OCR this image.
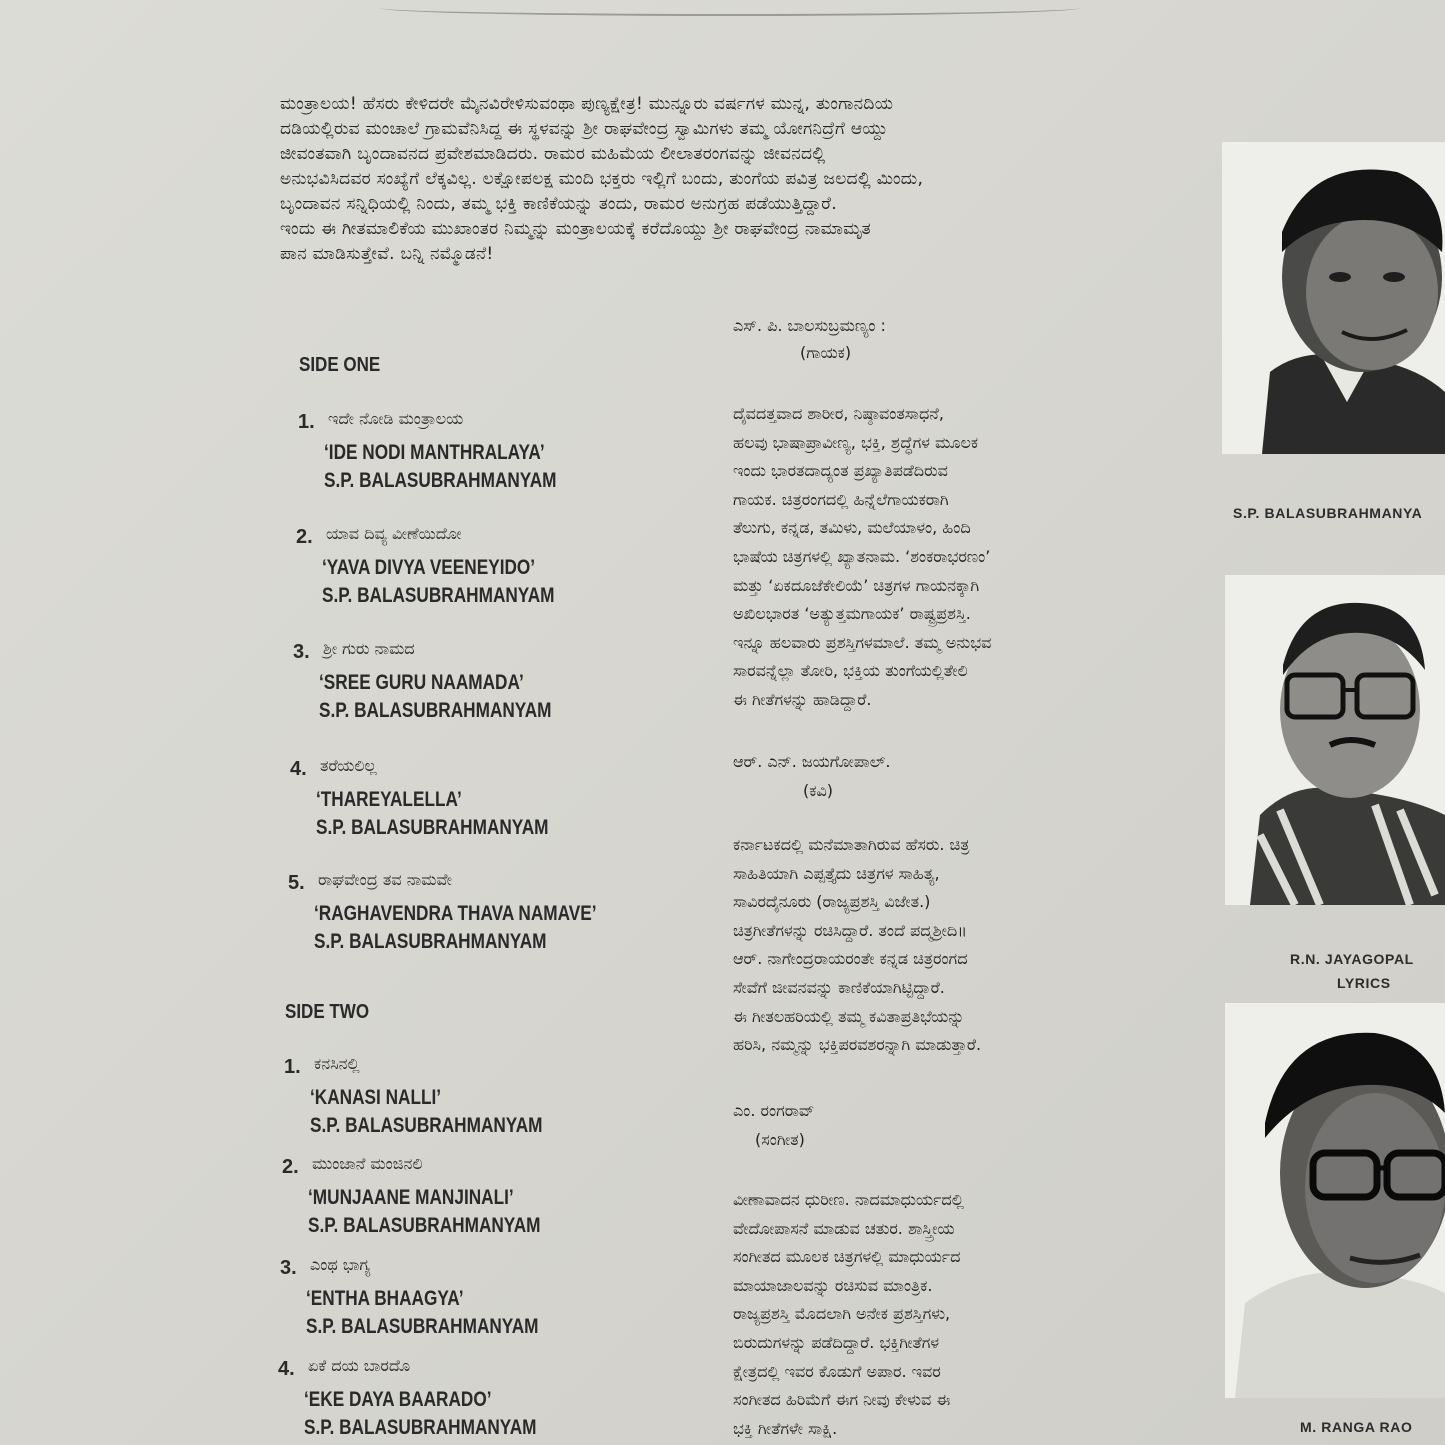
ಮಂತ್ರಾಲಯ! ಹೆಸರು ಕೇಳಿದರೇ ಮೈನವಿರೇಳಿಸುವಂಥಾ ಪುಣ್ಯಕ್ಷೇತ್ರ! ಮುನ್ನೂರು ವರ್ಷಗಳ ಮುನ್ನ, ತುಂಗಾನದಿಯ
ದಡಿಯಲ್ಲಿರುವ ಮಂಚಾಲೆ ಗ್ರಾಮವೆನಿಸಿದ್ದ ಈ ಸ್ಥಳವನ್ನು ಶ್ರೀ ರಾಘವೇಂದ್ರ ಸ್ವಾಮಿಗಳು ತಮ್ಮ ಯೋಗನಿದ್ರೆಗೆ ಆಯ್ದು
ಜೀವಂತವಾಗಿ ಬೃಂದಾವನದ ಪ್ರವೇಶಮಾಡಿದರು. ರಾಮರ ಮಹಿಮೆಯ ಲೀಲಾತರಂಗವನ್ನು ಜೀವನದಲ್ಲಿ
ಅನುಭವಿಸಿದವರ ಸಂಖ್ಯೆಗೆ ಲೆಕ್ಕವಿಲ್ಲ. ಲಕ್ಷೋಪಲಕ್ಷ ಮಂದಿ ಭಕ್ತರು ಇಲ್ಲಿಗೆ ಬಂದು, ತುಂಗೆಯ ಪವಿತ್ರ ಜಲದಲ್ಲಿ ಮಿಂದು,
ಬೃಂದಾವನ ಸನ್ನಿಧಿಯಲ್ಲಿ ನಿಂದು, ತಮ್ಮ ಭಕ್ತಿ ಕಾಣಿಕೆಯನ್ನು ತಂದು, ರಾಮರ ಅನುಗ್ರಹ ಪಡೆಯುತ್ತಿದ್ದಾರೆ.
ಇಂದು ಈ ಗೀತಮಾಲಿಕೆಯ ಮುಖಾಂತರ ನಿಮ್ಮನ್ನು ಮಂತ್ರಾಲಯಕ್ಕೆ ಕರೆದೊಯ್ದು ಶ್ರೀ ರಾಘವೇಂದ್ರ ನಾಮಾಮೃತ
ಪಾನ ಮಾಡಿಸುತ್ತೇವೆ. ಬನ್ನಿ ನಮ್ಮೊಡನೆ!
SIDE ONE
1. ಇದೇ ನೋಡಿ ಮಂತ್ರಾಲಯ
‘IDE NODI MANTHRALAYA’
S.P. BALASUBRAHMANYAM
2. ಯಾವ ದಿವ್ಯ ವೀಣೆಯಿದೋ
‘YAVA DIVYA VEENEYIDO’
S.P. BALASUBRAHMANYAM
3. ಶ್ರೀ ಗುರು ನಾಮದ
‘SREE GURU NAAMADA’
S.P. BALASUBRAHMANYAM
4. ತರೆಯಲಿಲ್ಲ
‘THAREYALELLA’
S.P. BALASUBRAHMANYAM
5. ರಾಘವೇಂದ್ರ ತವ ನಾಮವೇ
‘RAGHAVENDRA THAVA NAMAVE’
S.P. BALASUBRAHMANYAM
SIDE TWO
1. ಕನಸಿನಲ್ಲಿ
‘KANASI NALLI’
S.P. BALASUBRAHMANYAM
2. ಮುಂಜಾನೆ ಮಂಜಿನಲಿ
‘MUNJAANE MANJINALI’
S.P. BALASUBRAHMANYAM
3. ಎಂಥ ಭಾಗ್ಯ
‘ENTHA BHAAGYA’
S.P. BALASUBRAHMANYAM
4. ಏಕೆ ದಯ ಬಾರದೊ
‘EKE DAYA BAARADO’
S.P. BALASUBRAHMANYAM
ಎಸ್. ಪಿ. ಬಾಲಸುಬ್ರಮಣ್ಯಂ :
(ಗಾಯಕ)
ದೈವದತ್ತವಾದ ಶಾರೀರ, ನಿಷ್ಠಾವಂತಸಾಧನೆ,
ಹಲವು ಭಾಷಾಪ್ರಾವೀಣ್ಯ, ಭಕ್ತಿ, ಶ್ರದ್ಧೆಗಳ ಮೂಲಕ
ಇಂದು ಭಾರತದಾದ್ಯಂತ ಪ್ರಖ್ಯಾತಿಪಡೆದಿರುವ
ಗಾಯಕ. ಚಿತ್ರರಂಗದಲ್ಲಿ ಹಿನ್ನೆಲೆಗಾಯಕರಾಗಿ
ತೆಲುಗು, ಕನ್ನಡ, ತಮಿಳು, ಮಲೆಯಾಳಂ, ಹಿಂದಿ
ಭಾಷೆಯ ಚಿತ್ರಗಳಲ್ಲಿ ಖ್ಯಾತನಾಮ. ‘ಶಂಕರಾಭರಣಂ’
ಮತ್ತು ‘ಏಕದೂಜೆಕೇಲಿಯೆ’ ಚಿತ್ರಗಳ ಗಾಯನಕ್ಕಾಗಿ
ಅಖಿಲಭಾರತ ‘ಅತ್ಯುತ್ತಮಗಾಯಕ’ ರಾಷ್ಟ್ರಪ್ರಶಸ್ತಿ.
ಇನ್ನೂ ಹಲವಾರು ಪ್ರಶಸ್ತಿಗಳಮಾಲೆ. ತಮ್ಮ ಅನುಭವ
ಸಾರವನ್ನೆಲ್ಲಾ ತೋರಿ, ಭಕ್ತಿಯ ತುಂಗೆಯಲ್ಲಿತೇಲಿ
ಈ ಗೀತೆಗಳನ್ನು ಹಾಡಿದ್ದಾರೆ.
ಆರ್. ಎನ್. ಜಯಗೋಪಾಲ್.
(ಕವಿ)
ಕರ್ನಾಟಕದಲ್ಲಿ ಮನೆಮಾತಾಗಿರುವ ಹೆಸರು. ಚಿತ್ರ
ಸಾಹಿತಿಯಾಗಿ ಎಪ್ಪತ್ತೈದು ಚಿತ್ರಗಳ ಸಾಹಿತ್ಯ,
ಸಾವಿರದೈನೂರು (ರಾಜ್ಯಪ್ರಶಸ್ತಿ ವಿಜೇತ.)
ಚಿತ್ರಗೀತೆಗಳನ್ನು ರಚಿಸಿದ್ದಾರೆ. ತಂದೆ ಪದ್ಮಶ್ರೀದಿ॥
ಆರ್. ನಾಗೇಂದ್ರರಾಯರಂತೇ ಕನ್ನಡ ಚಿತ್ರರಂಗದ
ಸೇವೆಗೆ ಜೀವನವನ್ನು ಕಾಣಿಕೆಯಾಗಿಟ್ಟಿದ್ದಾರೆ.
ಈ ಗೀತಲಹರಿಯಲ್ಲಿ ತಮ್ಮ ಕವಿತಾಪ್ರತಿಭೆಯನ್ನು
ಹರಿಸಿ, ನಮ್ಮನ್ನು ಭಕ್ತಿಪರವಶರನ್ನಾಗಿ ಮಾಡುತ್ತಾರೆ.
ಎಂ. ರಂಗರಾವ್
(ಸಂಗೀತ)
ವೀಣಾವಾದನ ಧುರೀಣ. ನಾದಮಾಧುರ್ಯದಲ್ಲಿ
ವೇದೋಪಾಸನೆ ಮಾಡುವ ಚತುರ. ಶಾಸ್ತ್ರೀಯ
ಸಂಗೀತದ ಮೂಲಕ ಚಿತ್ರಗಳಲ್ಲಿ ಮಾಧುರ್ಯದ
ಮಾಯಾಜಾಲವನ್ನು ರಚಿಸುವ ಮಾಂತ್ರಿಕ.
ರಾಜ್ಯಪ್ರಶಸ್ತಿ ಮೊದಲಾಗಿ ಅನೇಕ ಪ್ರಶಸ್ತಿಗಳು,
ಬಿರುದುಗಳನ್ನು ಪಡೆದಿದ್ದಾರೆ. ಭಕ್ತಿಗೀತೆಗಳ
ಕ್ಷೇತ್ರದಲ್ಲಿ ಇವರ ಕೊಡುಗೆ ಅಪಾರ. ಇವರ
ಸಂಗೀತದ ಹಿರಿಮೆಗೆ ಈಗ ನೀವು ಕೇಳುವ ಈ
ಭಕ್ತಿ ಗೀತೆಗಳೇ ಸಾಕ್ಷಿ.
S.P. BALASUBRAHMANYA
R.N. JAYAGOPAL
LYRICS
M. RANGA RAO
